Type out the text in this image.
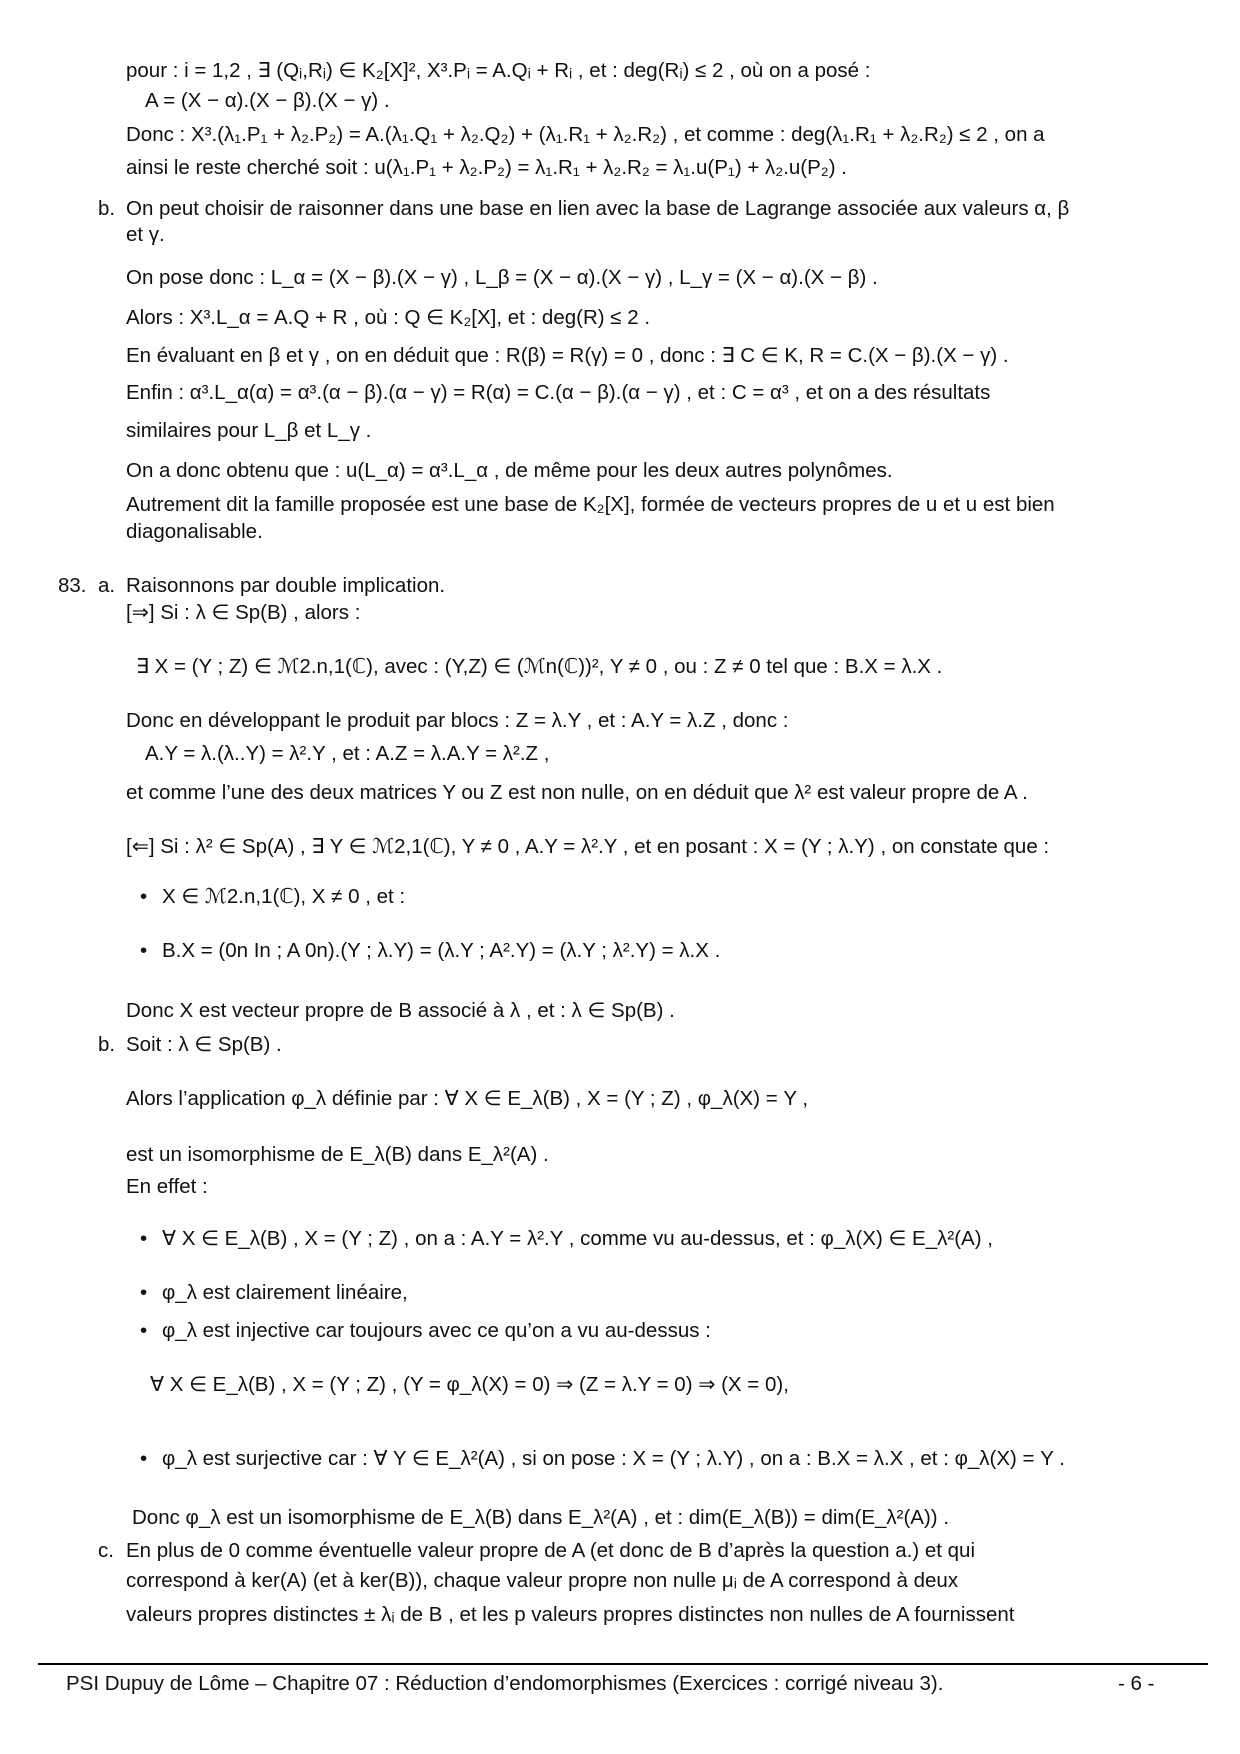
pour : i = 1,2 , ∃ (Qᵢ,Rᵢ) ∈ K₂[X]², X³.Pᵢ = A.Qᵢ + Rᵢ , et : deg(Rᵢ) ≤ 2 , où on a posé :
A = (X − α).(X − β).(X − γ) .
Donc : X³.(λ₁.P₁ + λ₂.P₂) = A.(λ₁.Q₁ + λ₂.Q₂) + (λ₁.R₁ + λ₂.R₂) , et comme : deg(λ₁.R₁ + λ₂.R₂) ≤ 2 , on a
ainsi le reste cherché soit : u(λ₁.P₁ + λ₂.P₂) = λ₁.R₁ + λ₂.R₂ = λ₁.u(P₁) + λ₂.u(P₂) .
b. On peut choisir de raisonner dans une base en lien avec la base de Lagrange associée aux valeurs α, β
et γ.
On pose donc : L_α = (X − β).(X − γ) , L_β = (X − α).(X − γ) , L_γ = (X − α).(X − β) .
Alors : X³.L_α = A.Q + R , où : Q ∈ K₂[X], et : deg(R) ≤ 2 .
En évaluant en β et γ , on en déduit que : R(β) = R(γ) = 0 , donc : ∃ C ∈ K, R = C.(X − β).(X − γ) .
Enfin : α³.L_α(α) = α³.(α − β).(α − γ) = R(α) = C.(α − β).(α − γ) , et : C = α³ , et on a des résultats
similaires pour L_β et L_γ .
On a donc obtenu que : u(L_α) = α³.L_α , de même pour les deux autres polynômes.
Autrement dit la famille proposée est une base de K₂[X], formée de vecteurs propres de u et u est bien
diagonalisable.
83. a. Raisonnons par double implication.
[⇒] Si : λ ∈ Sp(B) , alors :
∃ X = (Y ; Z) ∈ ℳ2.n,1(ℂ), avec : (Y,Z) ∈ (ℳn(ℂ))², Y ≠ 0 , ou : Z ≠ 0 tel que : B.X = λ.X .
Donc en développant le produit par blocs : Z = λ.Y , et : A.Y = λ.Z , donc :
A.Y = λ.(λ..Y) = λ².Y , et : A.Z = λ.A.Y = λ².Z ,
et comme l’une des deux matrices Y ou Z est non nulle, on en déduit que λ² est valeur propre de A .
[⇐] Si : λ² ∈ Sp(A) , ∃ Y ∈ ℳ2,1(ℂ), Y ≠ 0 , A.Y = λ².Y , et en posant : X = (Y ; λ.Y) , on constate que :
• X ∈ ℳ2.n,1(ℂ), X ≠ 0 , et :
• B.X = (0n In ; A 0n).(Y ; λ.Y) = (λ.Y ; A².Y) = (λ.Y ; λ².Y) = λ.X .
Donc X est vecteur propre de B associé à λ , et : λ ∈ Sp(B) .
b. Soit : λ ∈ Sp(B) .
Alors l’application φ_λ définie par : ∀ X ∈ E_λ(B) , X = (Y ; Z) , φ_λ(X) = Y ,
est un isomorphisme de E_λ(B) dans E_λ²(A) .
En effet :
• ∀ X ∈ E_λ(B) , X = (Y ; Z) , on a : A.Y = λ².Y , comme vu au-dessus, et : φ_λ(X) ∈ E_λ²(A) ,
• φ_λ est clairement linéaire,
• φ_λ est injective car toujours avec ce qu’on a vu au-dessus :
∀ X ∈ E_λ(B) , X = (Y ; Z) , (Y = φ_λ(X) = 0) ⇒ (Z = λ.Y = 0) ⇒ (X = 0),
• φ_λ est surjective car : ∀ Y ∈ E_λ²(A) , si on pose : X = (Y ; λ.Y) , on a : B.X = λ.X , et : φ_λ(X) = Y .
Donc φ_λ est un isomorphisme de E_λ(B) dans E_λ²(A) , et : dim(E_λ(B)) = dim(E_λ²(A)) .
c. En plus de 0 comme éventuelle valeur propre de A (et donc de B d’après la question a.) et qui
correspond à ker(A) (et à ker(B)), chaque valeur propre non nulle μᵢ de A correspond à deux
valeurs propres distinctes ± λᵢ de B , et les p valeurs propres distinctes non nulles de A fournissent
PSI Dupuy de Lôme – Chapitre 07 : Réduction d’endomorphismes (Exercices : corrigé niveau 3).	- 6 -
